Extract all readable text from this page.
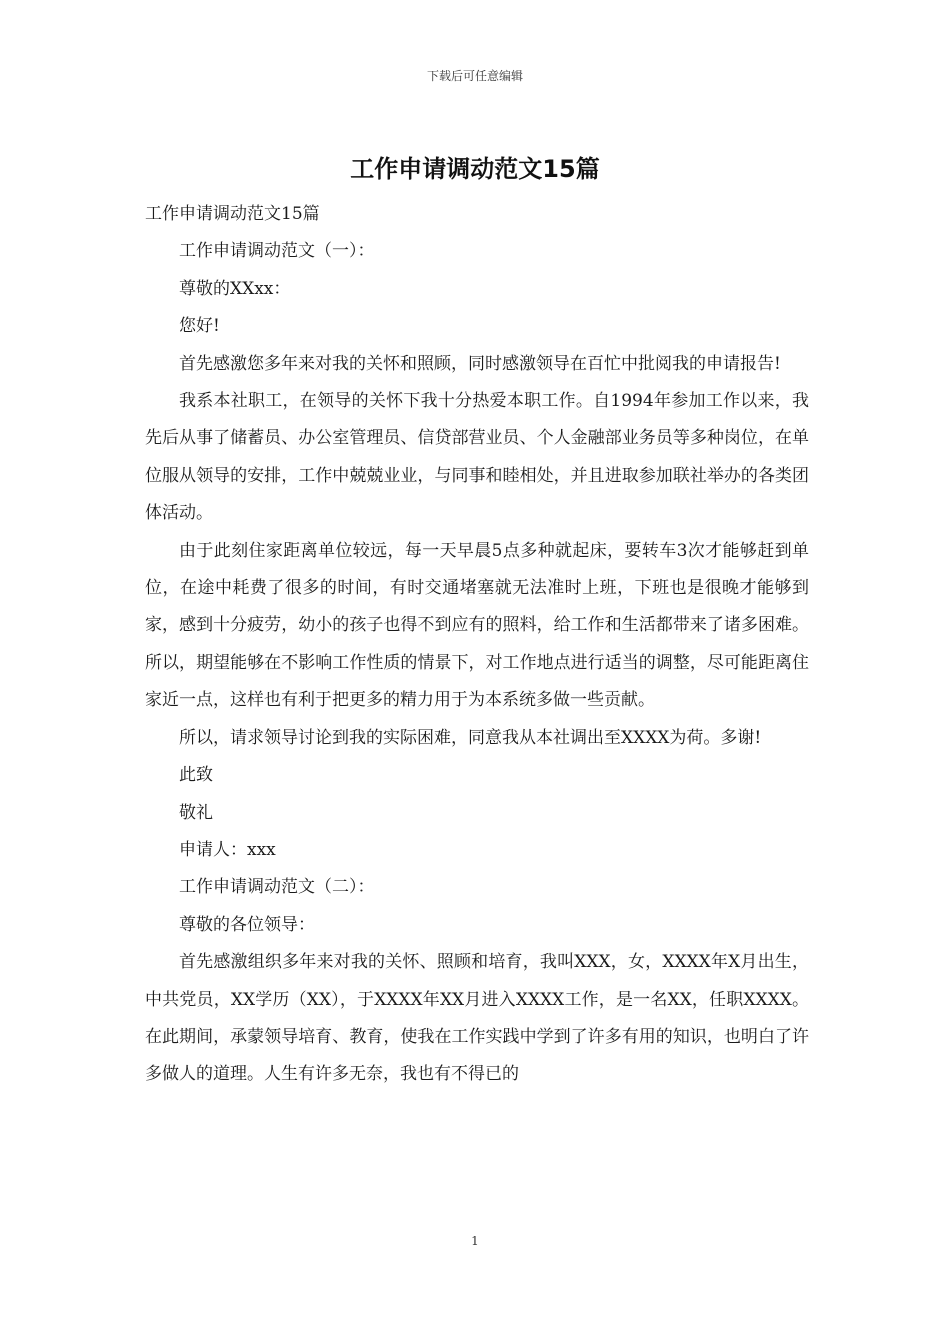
下载后可任意编辑
工作申请调动范文15篇

工作申请调动范文15篇

工作申请调动范文（一）：

尊敬的XXxx：

您好!

首先感激您多年来对我的关怀和照顾，同时感激领导在百忙中批阅我的申请报告!

我系本社职工，在领导的关怀下我十分热爱本职工作。自1994年参加工作以来，我先后从事了储蓄员、办公室管理员、信贷部营业员、个人金融部业务员等多种岗位，在单位服从领导的安排，工作中兢兢业业，与同事和睦相处，并且进取参加联社举办的各类团体活动。

由于此刻住家距离单位较远，每一天早晨5点多种就起床，要转车3次才能够赶到单位，在途中耗费了很多的时间，有时交通堵塞就无法准时上班，下班也是很晚才能够到家，感到十分疲劳，幼小的孩子也得不到应有的照料，给工作和生活都带来了诸多困难。所以，期望能够在不影响工作性质的情景下，对工作地点进行适当的调整，尽可能距离住家近一点，这样也有利于把更多的精力用于为本系统多做一些贡献。

所以，请求领导讨论到我的实际困难，同意我从本社调出至XXXX为荷。多谢!

此致

敬礼

申请人：xxx

工作申请调动范文（二）：

尊敬的各位领导：

首先感激组织多年来对我的关怀、照顾和培育，我叫XXX，女，XXXX年X月出生，中共党员，XX学历（XX），于XXXX年XX月进入XXXX工作，是一名XX，任职XXXX。在此期间，承蒙领导培育、教育，使我在工作实践中学到了许多有用的知识，也明白了许多做人的道理。人生有许多无奈，我也有不得已的

1
